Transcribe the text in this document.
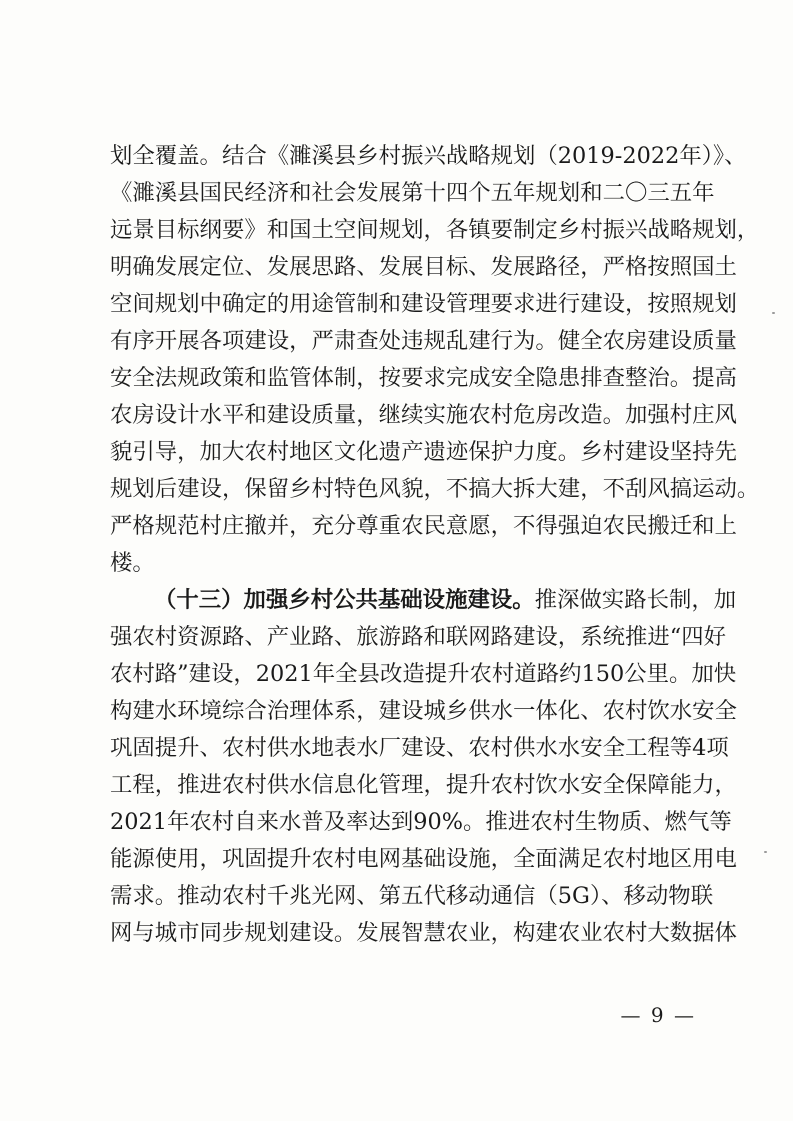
划全覆盖。结合《濉溪县乡村振兴战略规划（2019-2022年）》、
《濉溪县国民经济和社会发展第十四个五年规划和二〇三五年
远景目标纲要》和国土空间规划，各镇要制定乡村振兴战略规划，
明确发展定位、发展思路、发展目标、发展路径，严格按照国土
空间规划中确定的用途管制和建设管理要求进行建设，按照规划
有序开展各项建设，严肃查处违规乱建行为。健全农房建设质量
安全法规政策和监管体制，按要求完成安全隐患排查整治。提高
农房设计水平和建设质量，继续实施农村危房改造。加强村庄风
貌引导，加大农村地区文化遗产遗迹保护力度。乡村建设坚持先
规划后建设，保留乡村特色风貌，不搞大拆大建，不刮风搞运动。
严格规范村庄撤并，充分尊重农民意愿，不得强迫农民搬迁和上
楼。
（十三）加强乡村公共基础设施建设。推深做实路长制，加
强农村资源路、产业路、旅游路和联网路建设，系统推进“四好
农村路”建设，2021年全县改造提升农村道路约150公里。加快
构建水环境综合治理体系，建设城乡供水一体化、农村饮水安全
巩固提升、农村供水地表水厂建设、农村供水水安全工程等4项
工程，推进农村供水信息化管理，提升农村饮水安全保障能力，
2021年农村自来水普及率达到90%。推进农村生物质、燃气等
能源使用，巩固提升农村电网基础设施，全面满足农村地区用电
需求。推动农村千兆光网、第五代移动通信（5G）、移动物联
网与城市同步规划建设。发展智慧农业，构建农业农村大数据体
— 9 —
